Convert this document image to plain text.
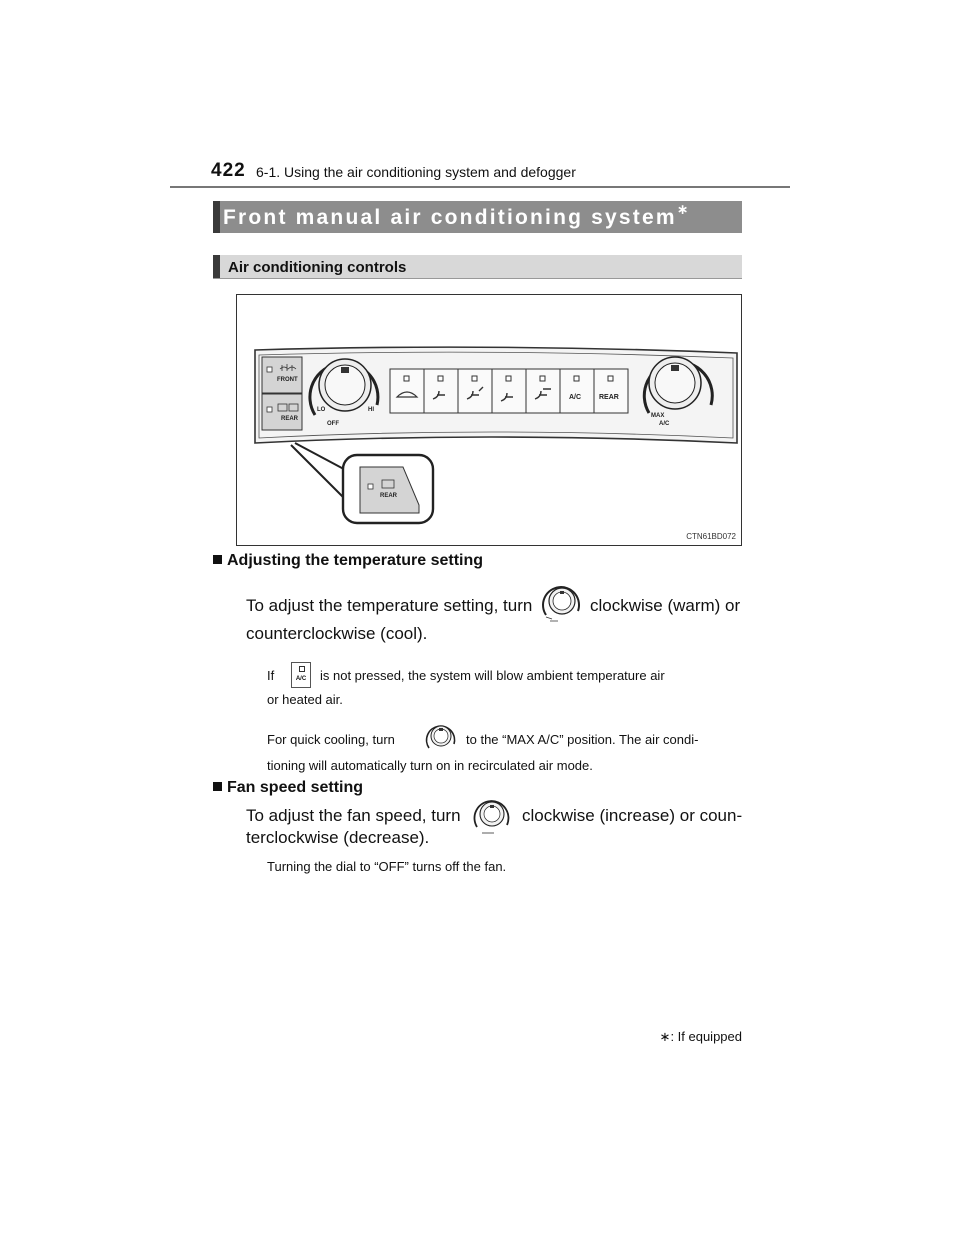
422 6-1. Using the air conditioning system and defogger
Front manual air conditioning system∗
Air conditioning controls
FRONT
REAR
LO	HI
OFF
A/C	REAR
MAX
A/C
REAR
CTN61BD072
Adjusting the temperature setting
To adjust the temperature setting, turn	clockwise (warm) or
counterclockwise (cool).
If	A/C is not pressed, the system will blow ambient temperature air
or heated air.
For quick cooling, turn	to the “MAX A/C” position. The air condi-
tioning will automatically turn on in recirculated air mode.
Fan speed setting
To adjust the fan speed, turn	clockwise (increase) or coun-
terclockwise (decrease).
Turning the dial to “OFF” turns off the fan.
∗: If equipped
